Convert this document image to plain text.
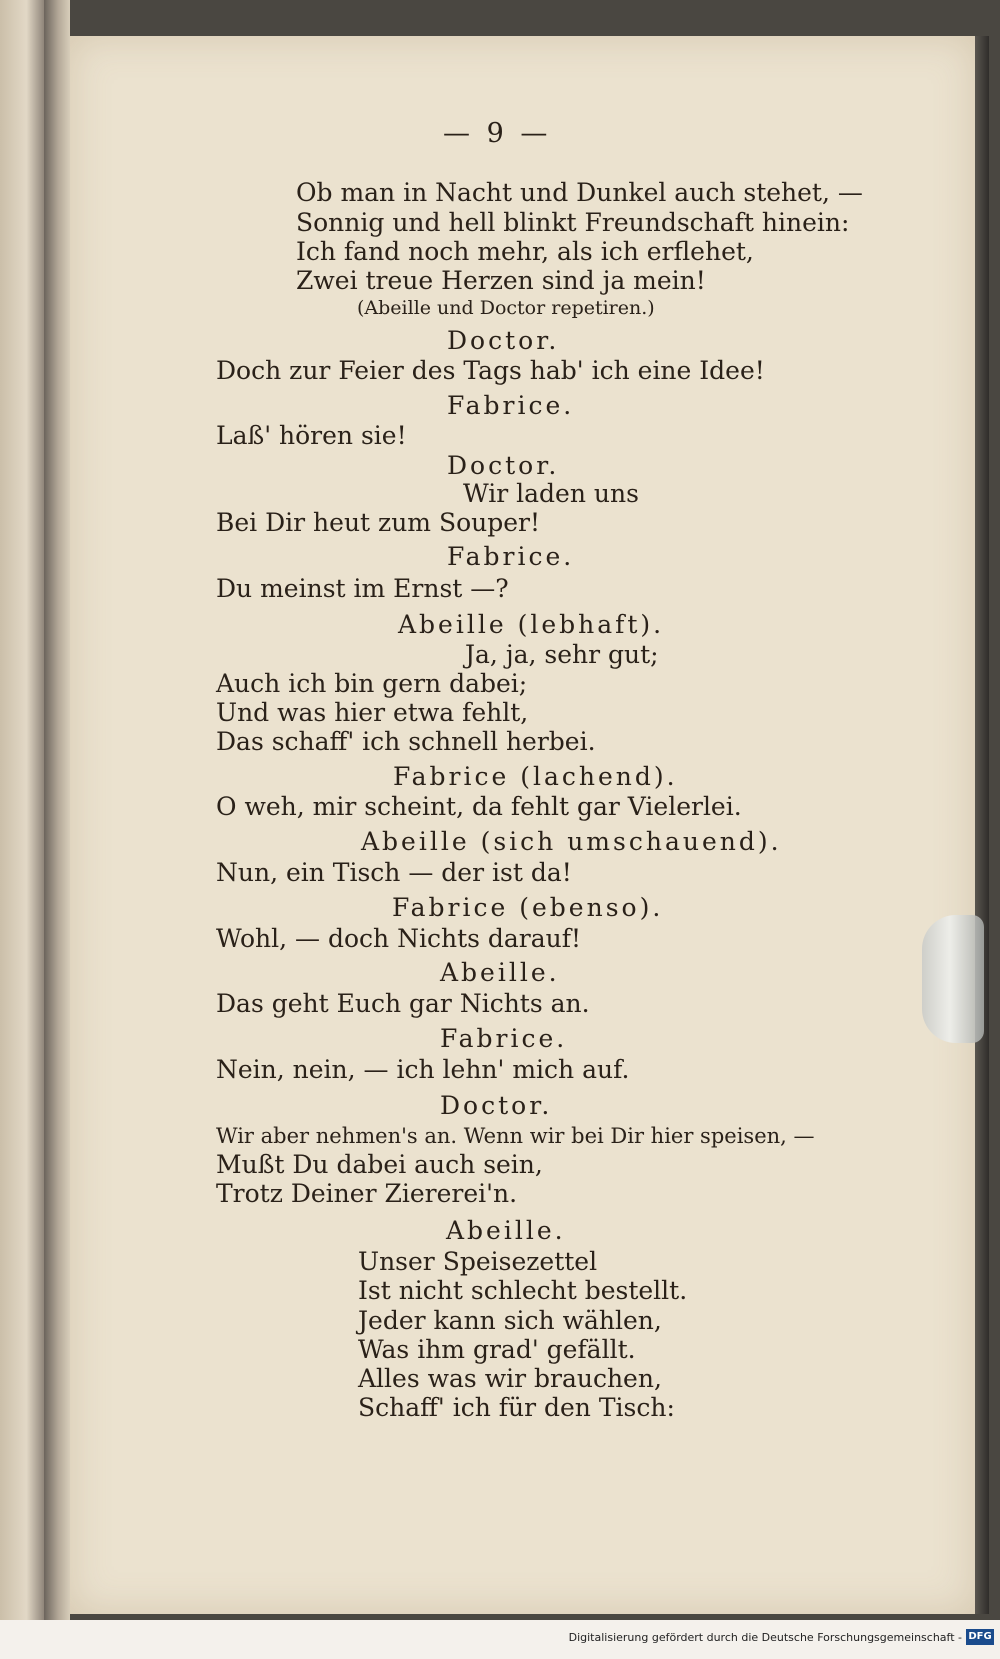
— 9 —
Ob man in Nacht und Dunkel auch stehet, —
Sonnig und hell blinkt Freundschaft hinein:
Ich fand noch mehr, als ich erflehet,
Zwei treue Herzen sind ja mein!
(Abeille und Doctor repetiren.)
Doctor.
Doch zur Feier des Tags hab' ich eine Idee!
Fabrice.
Laß' hören sie!
Doctor.
Wir laden uns
Bei Dir heut zum Souper!
Fabrice.
Du meinst im Ernst —?
Abeille (lebhaft).
Ja, ja, sehr gut;
Auch ich bin gern dabei;
Und was hier etwa fehlt,
Das schaff' ich schnell herbei.
Fabrice (lachend).
O weh, mir scheint, da fehlt gar Vielerlei.
Abeille (sich umschauend).
Nun, ein Tisch — der ist da!
Fabrice (ebenso).
Wohl, — doch Nichts darauf!
Abeille.
Das geht Euch gar Nichts an.
Fabrice.
Nein, nein, — ich lehn' mich auf.
Doctor.
Wir aber nehmen's an. Wenn wir bei Dir hier speisen, —
Mußt Du dabei auch sein,
Trotz Deiner Ziererei'n.
Abeille.
Unser Speisezettel
Ist nicht schlecht bestellt.
Jeder kann sich wählen,
Was ihm grad' gefällt.
Alles was wir brauchen,
Schaff' ich für den Tisch:
Digitalisierung gefördert durch die Deutsche Forschungsgemeinschaft - DFG
